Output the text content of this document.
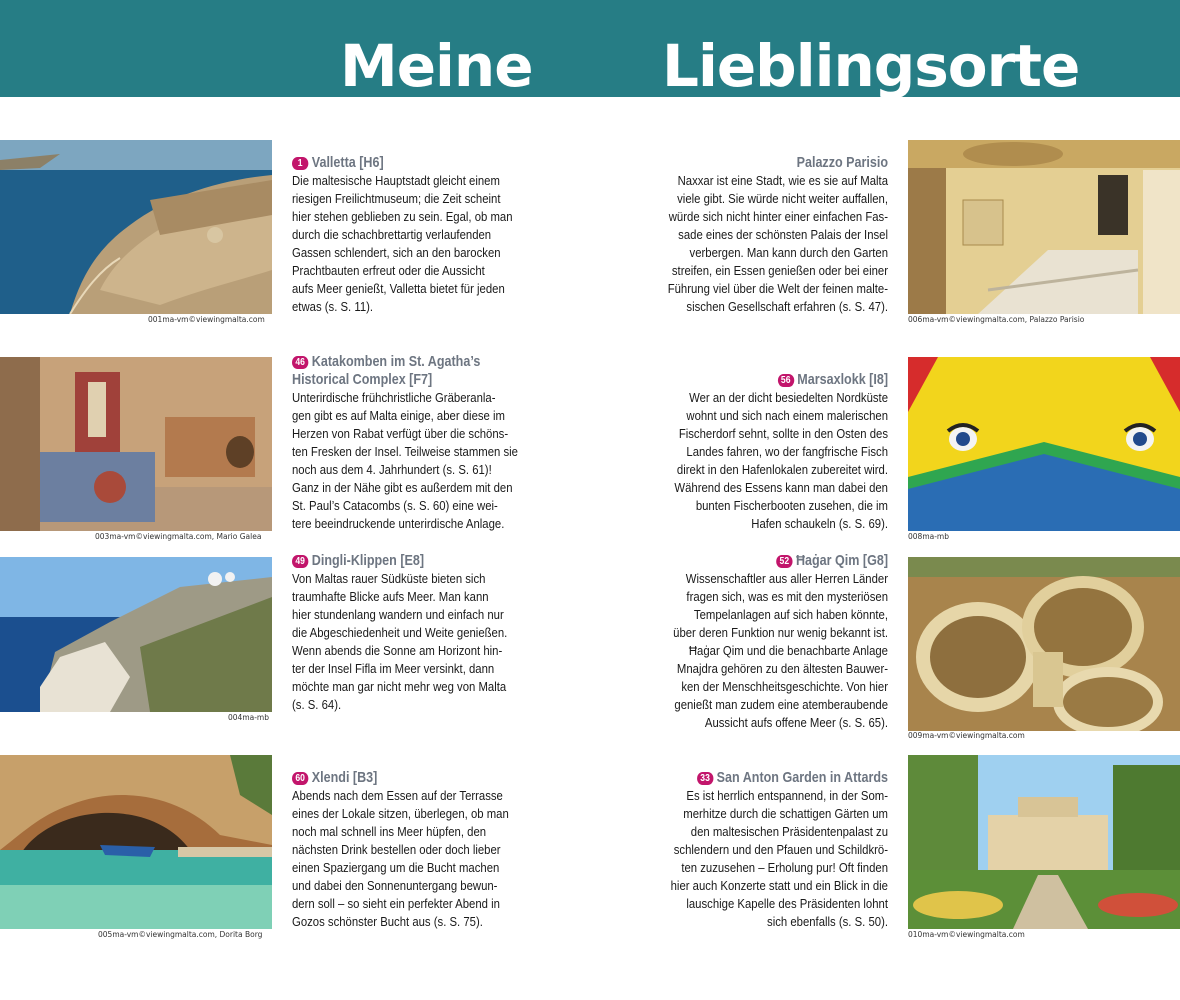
Meine Lieblingsorte
001ma-vm©viewingmalta.com	006ma-vm©viewingmalta.com, Palazzo Parisio
003ma-vm©viewingmalta.com, Mario Galea	008ma-mb
004ma-mb
009ma-vm©viewingmalta.com
005ma-vm©viewingmalta.com, Dorita Borg	010ma-vm©viewingmalta.com
1 Valletta [H6]
Die maltesische Hauptstadt gleicht einem
riesigen Freilichtmuseum; die Zeit scheint
hier stehen geblieben zu sein. Egal, ob man
durch die schachbrettartig verlaufenden
Gassen schlendert, sich an den barocken
Prachtbauten erfreut oder die Aussicht
aufs Meer genießt, Valletta bietet für jeden
etwas (s. S. 11).
Palazzo Parisio
Naxxar ist eine Stadt, wie es sie auf Malta
viele gibt. Sie würde nicht weiter auffallen,
würde sich nicht hinter einer einfachen Fas-
sade eines der schönsten Palais der Insel
verbergen. Man kann durch den Garten
streifen, ein Essen genießen oder bei einer
Führung viel über die Welt der feinen malte-
sischen Gesellschaft erfahren (s. S. 47).
46 Katakomben im St. Agatha’s
Historical Complex [F7]
Unterirdische frühchristliche Gräberanla-
gen gibt es auf Malta einige, aber diese im
Herzen von Rabat verfügt über die schöns-
ten Fresken der Insel. Teilweise stammen sie
noch aus dem 4. Jahrhundert (s. S. 61)!
Ganz in der Nähe gibt es außerdem mit den
St. Paul’s Catacombs (s. S. 60) eine wei-
tere beeindruckende unterirdische Anlage.
56 Marsaxlokk [I8]
Wer an der dicht besiedelten Nordküste
wohnt und sich nach einem malerischen
Fischerdorf sehnt, sollte in den Osten des
Landes fahren, wo der fangfrische Fisch
direkt in den Hafenlokalen zubereitet wird.
Während des Essens kann man dabei den
bunten Fischerbooten zusehen, die im
Hafen schaukeln (s. S. 69).
49 Dingli-Klippen [E8]
Von Maltas rauer Südküste bieten sich
traumhafte Blicke aufs Meer. Man kann
hier stundenlang wandern und einfach nur
die Abgeschiedenheit und Weite genießen.
Wenn abends die Sonne am Horizont hin-
ter der Insel Fifla im Meer versinkt, dann
möchte man gar nicht mehr weg von Malta
(s. S. 64).
52 Ħaġar Qim [G8]
Wissenschaftler aus aller Herren Länder
fragen sich, was es mit den mysteriösen
Tempelanlagen auf sich haben könnte,
über deren Funktion nur wenig bekannt ist.
Ħaġar Qim und die benachbarte Anlage
Mnajdra gehören zu den ältesten Bauwer-
ken der Menschheitsgeschichte. Von hier
genießt man zudem eine atemberaubende
Aussicht aufs offene Meer (s. S. 65).
60 Xlendi [B3]
Abends nach dem Essen auf der Terrasse
eines der Lokale sitzen, überlegen, ob man
noch mal schnell ins Meer hüpfen, den
nächsten Drink bestellen oder doch lieber
einen Spaziergang um die Bucht machen
und dabei den Sonnenuntergang bewun-
dern soll – so sieht ein perfekter Abend in
Gozos schönster Bucht aus (s. S. 75).
33 San Anton Garden in Attards
Es ist herrlich entspannend, in der Som-
merhitze durch die schattigen Gärten um
den maltesischen Präsidentenpalast zu
schlendern und den Pfauen und Schildkrö-
ten zuzusehen – Erholung pur! Oft finden
hier auch Konzerte statt und ein Blick in die
lauschige Kapelle des Präsidenten lohnt
sich ebenfalls (s. S. 50).
